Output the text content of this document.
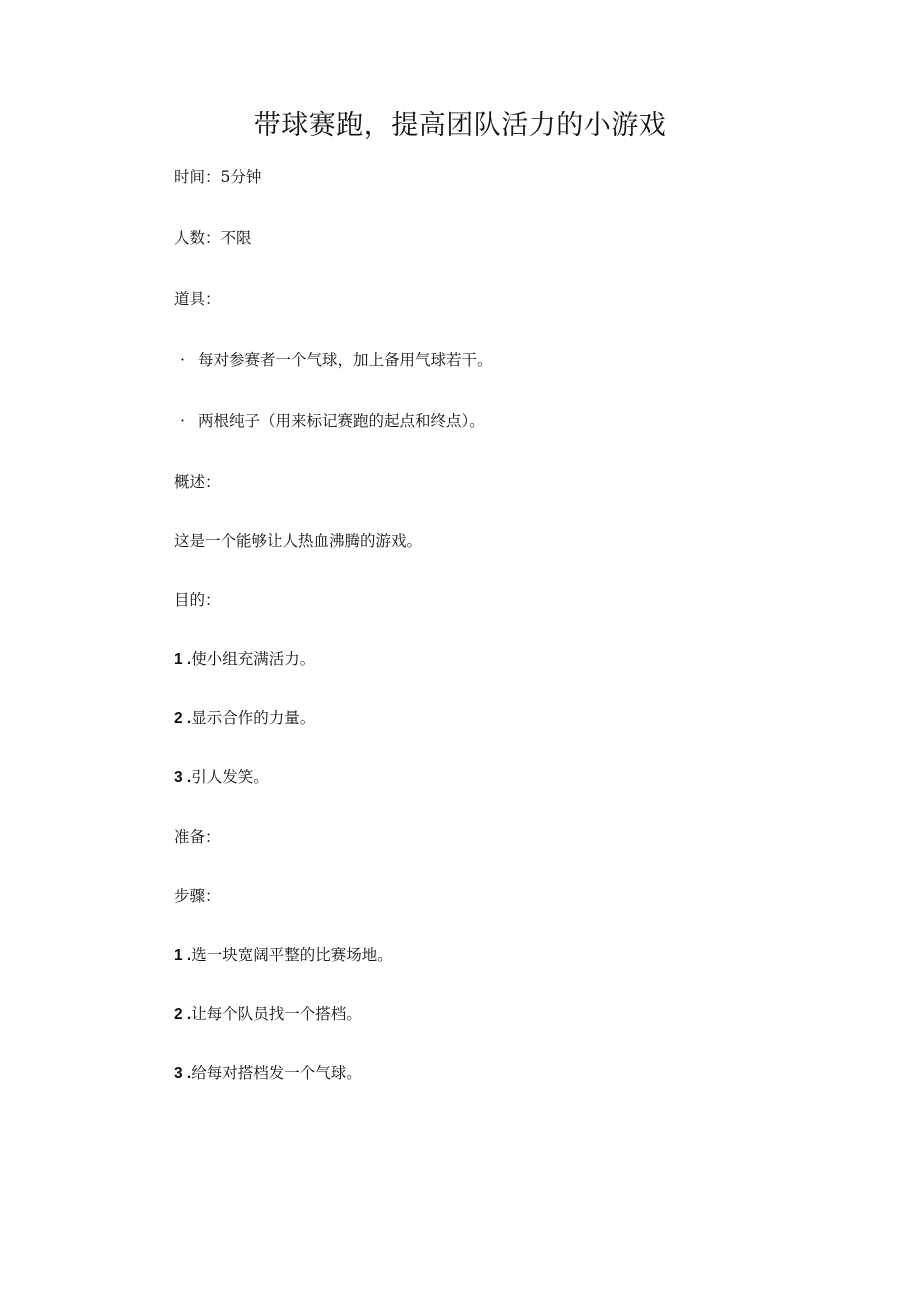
带球赛跑，提高团队活力的小游戏
时间：5分钟
人数：不限
道具：
· 每对参赛者一个气球，加上备用气球若干。
· 两根纯子（用来标记赛跑的起点和终点）。
概述：
这是一个能够让人热血沸腾的游戏。
目的：
1 .使小组充满活力。
2 .显示合作的力量。
3 .引人发笑。
准备：
步骤：
1 .选一块宽阔平整的比赛场地。
2 .让每个队员找一个搭档。
3 .给每对搭档发一个气球。
